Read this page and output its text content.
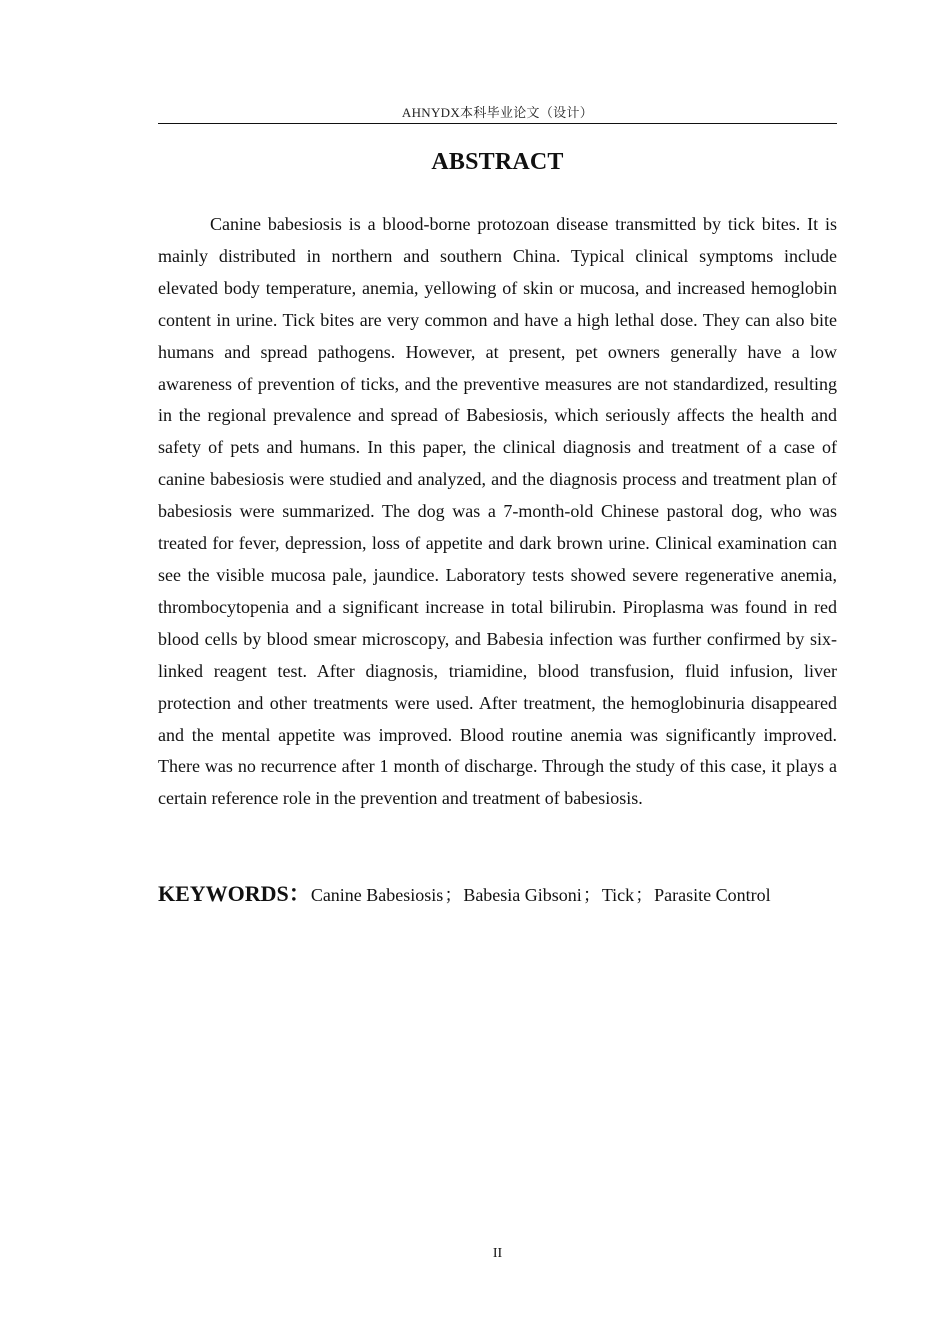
AHNYDX本科毕业论文（设计）
ABSTRACT

Canine babesiosis is a blood-borne protozoan disease transmitted by tick bites. It is mainly distributed in northern and southern China. Typical clinical symptoms include elevated body temperature, anemia, yellowing of skin or mucosa, and increased hemoglobin content in urine. Tick bites are very common and have a high lethal dose. They can also bite humans and spread pathogens. However, at present, pet owners generally have a low awareness of prevention of ticks, and the preventive measures are not standardized, resulting in the regional prevalence and spread of Babesiosis, which seriously affects the health and safety of pets and humans. In this paper, the clinical diagnosis and treatment of a case of canine babesiosis were studied and analyzed, and the diagnosis process and treatment plan of babesiosis were summarized. The dog was a 7-month-old Chinese pastoral dog, who was treated for fever, depression, loss of appetite and dark brown urine. Clinical examination can see the visible mucosa pale, jaundice. Laboratory tests showed severe regenerative anemia, thrombocytopenia and a significant increase in total bilirubin. Piroplasma was found in red blood cells by blood smear microscopy, and Babesia infection was further confirmed by six-linked reagent test. After diagnosis, triamidine, blood transfusion, fluid infusion, liver protection and other treatments were used. After treatment, the hemoglobinuria disappeared and the mental appetite was improved. Blood routine anemia was significantly improved. There was no recurrence after 1 month of discharge. Through the study of this case, it plays a certain reference role in the prevention and treatment of babesiosis.

KEYWORDS：Canine Babesiosis；Babesia Gibsoni；Tick；Parasite Control
II
